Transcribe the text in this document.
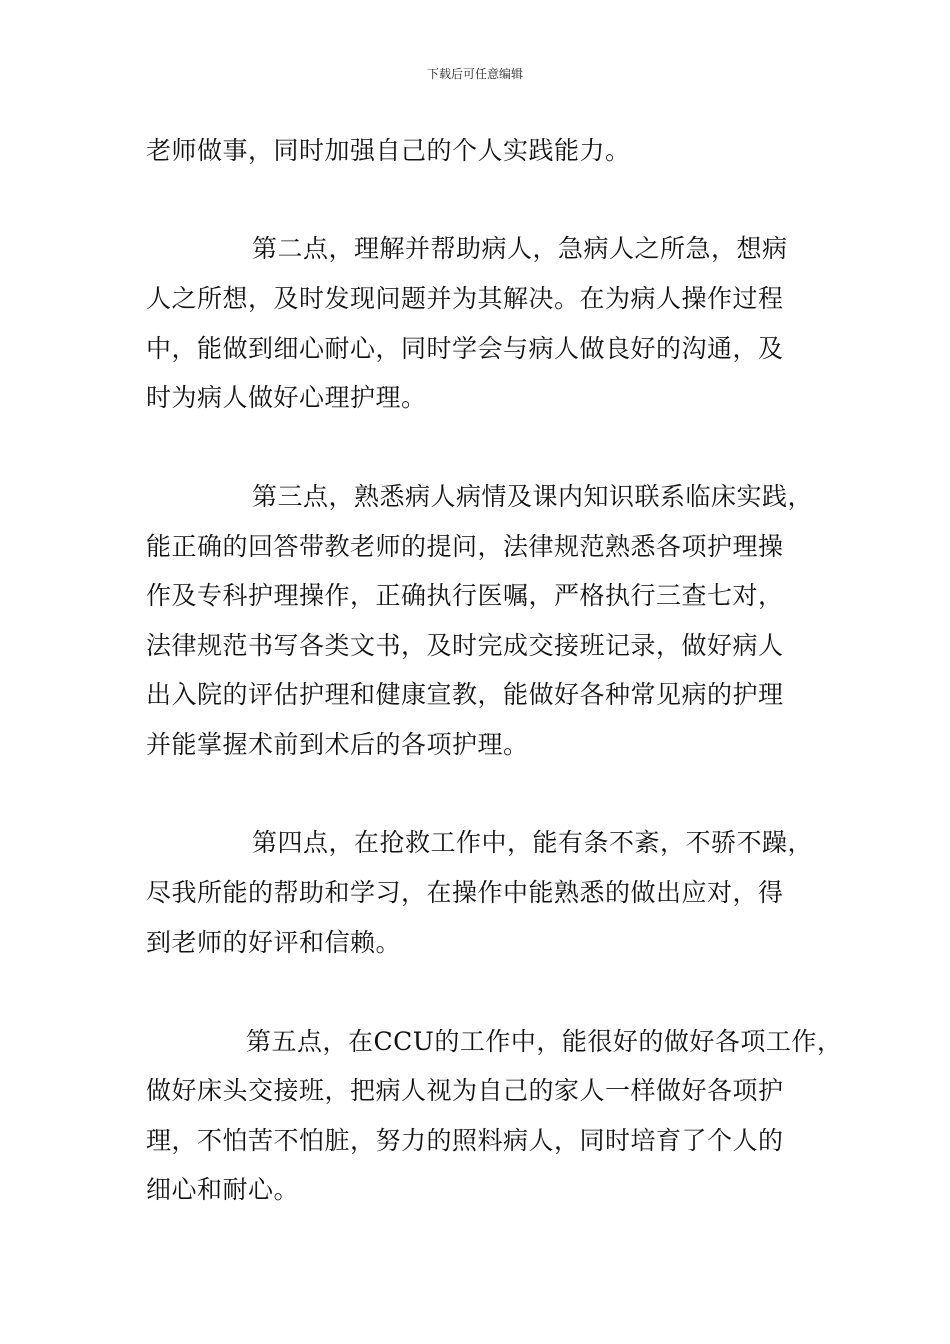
下载后可任意编辑
老师做事，同时加强自己的个人实践能力。
第二点，理解并帮助病人，急病人之所急，想病
人之所想，及时发现问题并为其解决。在为病人操作过程
中，能做到细心耐心，同时学会与病人做良好的沟通，及
时为病人做好心理护理。
第三点，熟悉病人病情及课内知识联系临床实践，
能正确的回答带教老师的提问，法律规范熟悉各项护理操
作及专科护理操作，正确执行医嘱，严格执行三查七对，
法律规范书写各类文书，及时完成交接班记录，做好病人
出入院的评估护理和健康宣教，能做好各种常见病的护理
并能掌握术前到术后的各项护理。
第四点，在抢救工作中，能有条不紊，不骄不躁，
尽我所能的帮助和学习，在操作中能熟悉的做出应对，得
到老师的好评和信赖。
第五点，在CCU的工作中，能很好的做好各项工作，
做好床头交接班，把病人视为自己的家人一样做好各项护
理，不怕苦不怕脏，努力的照料病人，同时培育了个人的
细心和耐心。
